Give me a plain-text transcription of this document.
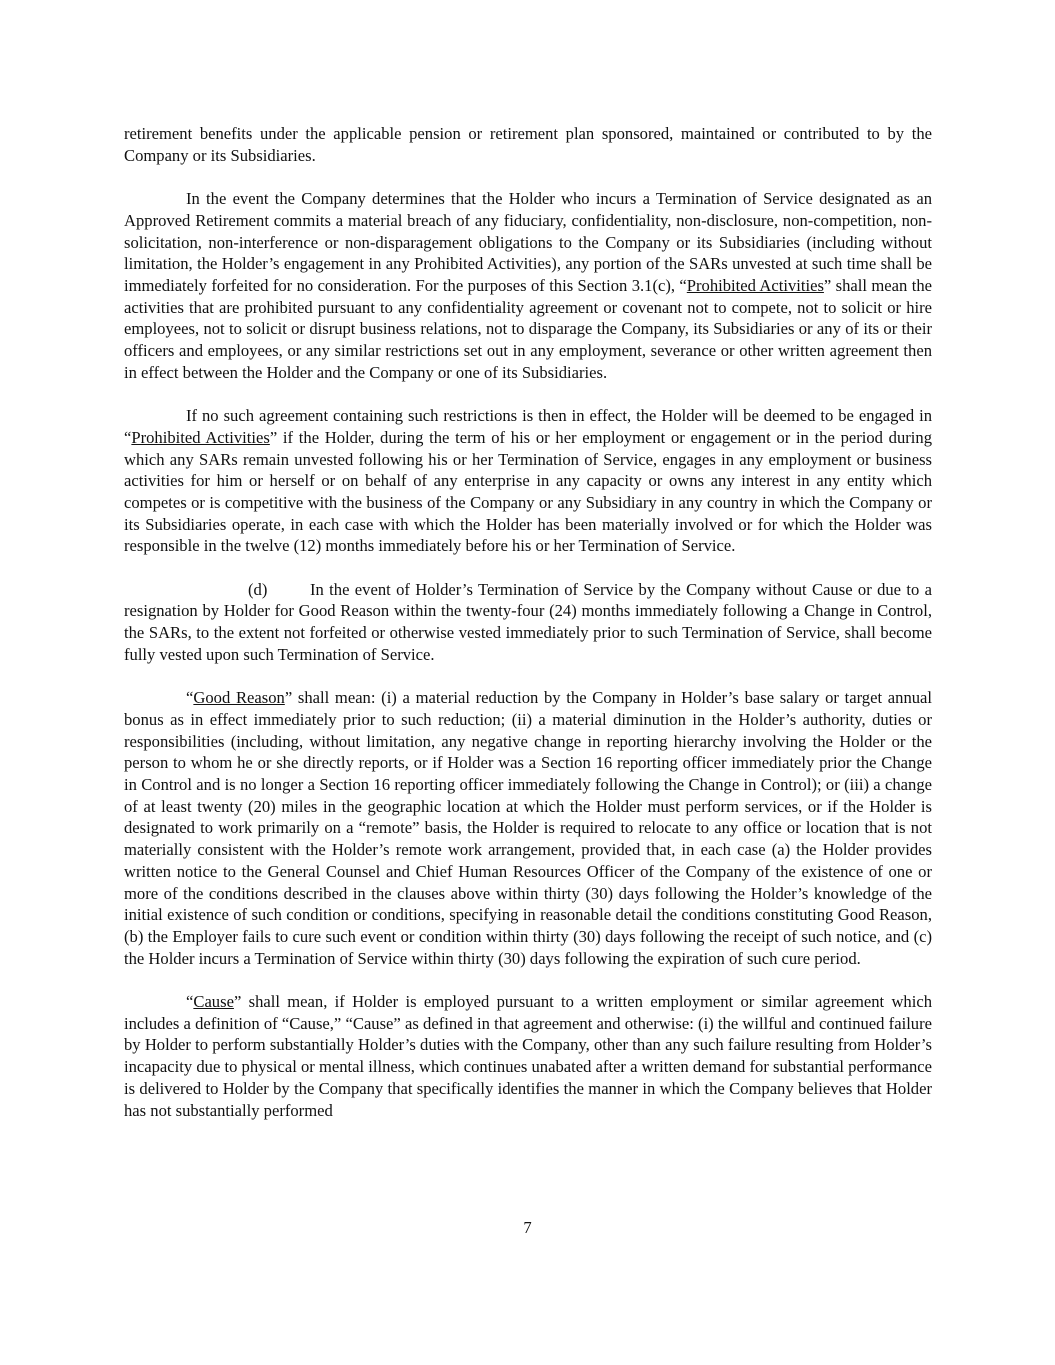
retirement benefits under the applicable pension or retirement plan sponsored, maintained or contributed to by the Company or its Subsidiaries.

In the event the Company determines that the Holder who incurs a Termination of Service designated as an Approved Retirement commits a material breach of any fiduciary, confidentiality, non-disclosure, non-competition, non-solicitation, non-interference or non-disparagement obligations to the Company or its Subsidiaries (including without limitation, the Holder’s engagement in any Prohibited Activities), any portion of the SARs unvested at such time shall be immediately forfeited for no consideration. For the purposes of this Section 3.1(c), “Prohibited Activities” shall mean the activities that are prohibited pursuant to any confidentiality agreement or covenant not to compete, not to solicit or hire employees, not to solicit or disrupt business relations, not to disparage the Company, its Subsidiaries or any of its or their officers and employees, or any similar restrictions set out in any employment, severance or other written agreement then in effect between the Holder and the Company or one of its Subsidiaries.

If no such agreement containing such restrictions is then in effect, the Holder will be deemed to be engaged in “Prohibited Activities” if the Holder, during the term of his or her employment or engagement or in the period during which any SARs remain unvested following his or her Termination of Service, engages in any employment or business activities for him or herself or on behalf of any enterprise in any capacity or owns any interest in any entity which competes or is competitive with the business of the Company or any Subsidiary in any country in which the Company or its Subsidiaries operate, in each case with which the Holder has been materially involved or for which the Holder was responsible in the twelve (12) months immediately before his or her Termination of Service.

(d)	In the event of Holder’s Termination of Service by the Company without Cause or due to a resignation by Holder for Good Reason within the twenty-four (24) months immediately following a Change in Control, the SARs, to the extent not forfeited or otherwise vested immediately prior to such Termination of Service, shall become fully vested upon such Termination of Service.

“Good Reason” shall mean: (i) a material reduction by the Company in Holder’s base salary or target annual bonus as in effect immediately prior to such reduction; (ii) a material diminution in the Holder’s authority, duties or responsibilities (including, without limitation, any negative change in reporting hierarchy involving the Holder or the person to whom he or she directly reports, or if Holder was a Section 16 reporting officer immediately prior the Change in Control and is no longer a Section 16 reporting officer immediately following the Change in Control); or (iii) a change of at least twenty (20) miles in the geographic location at which the Holder must perform services, or if the Holder is designated to work primarily on a “remote” basis, the Holder is required to relocate to any office or location that is not materially consistent with the Holder’s remote work arrangement, provided that, in each case (a) the Holder provides written notice to the General Counsel and Chief Human Resources Officer of the Company of the existence of one or more of the conditions described in the clauses above within thirty (30) days following the Holder’s knowledge of the initial existence of such condition or conditions, specifying in reasonable detail the conditions constituting Good Reason, (b) the Employer fails to cure such event or condition within thirty (30) days following the receipt of such notice, and (c) the Holder incurs a Termination of Service within thirty (30) days following the expiration of such cure period.

“Cause” shall mean, if Holder is employed pursuant to a written employment or similar agreement which includes a definition of “Cause,” “Cause” as defined in that agreement and otherwise: (i) the willful and continued failure by Holder to perform substantially Holder’s duties with the Company, other than any such failure resulting from Holder’s incapacity due to physical or mental illness, which continues unabated after a written demand for substantial performance is delivered to Holder by the Company that specifically identifies the manner in which the Company believes that Holder has not substantially performed

7
